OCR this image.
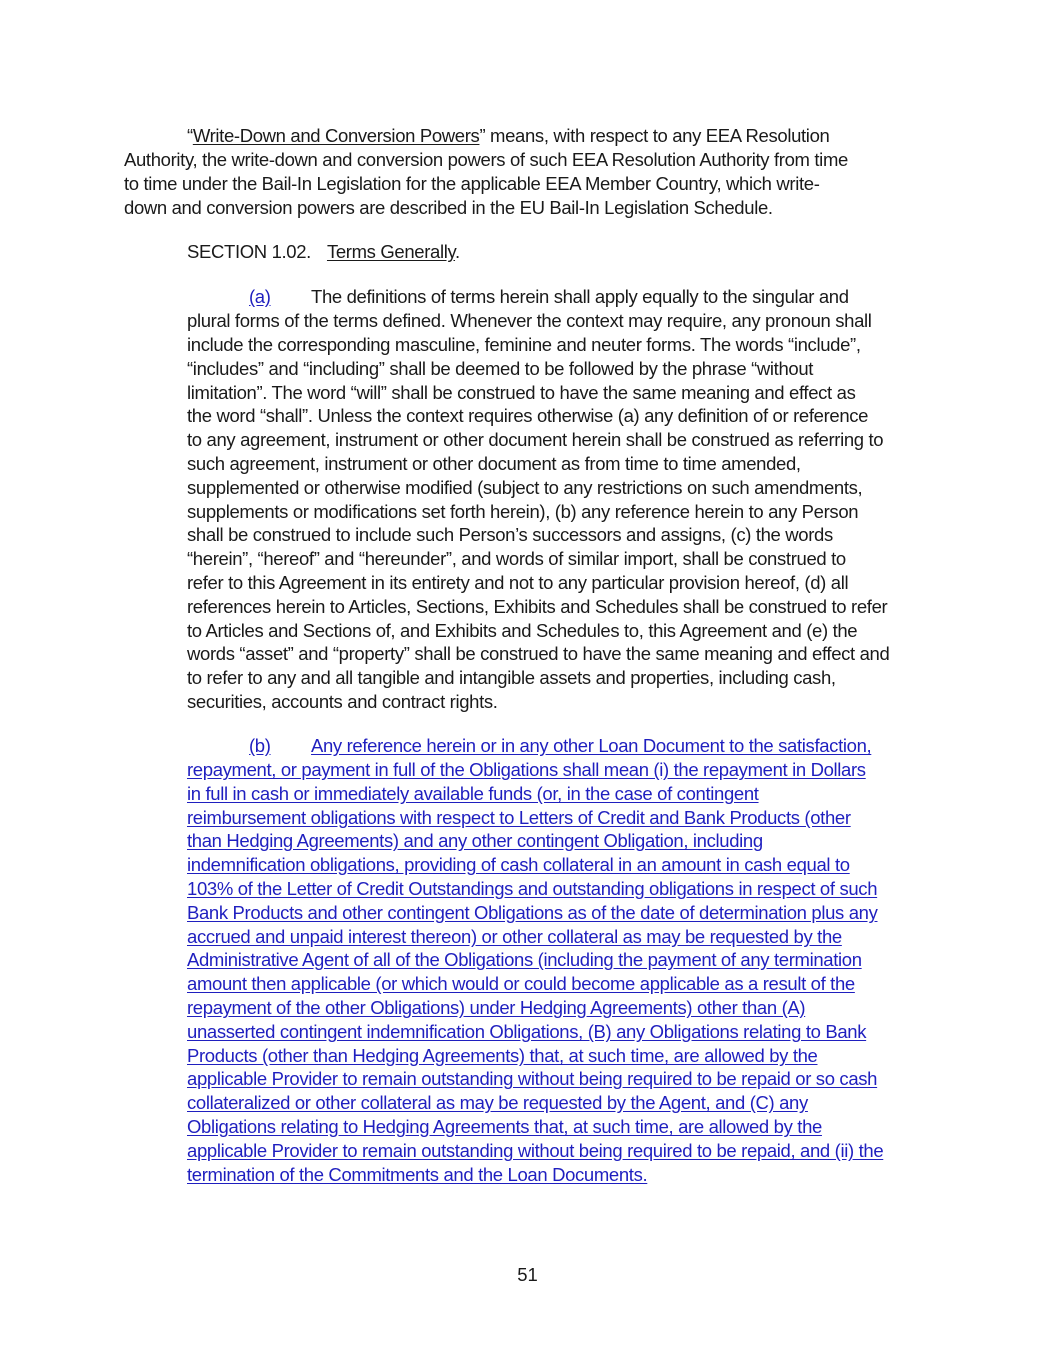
“Write-Down and Conversion Powers” means, with respect to any EEA Resolution
Authority, the write-down and conversion powers of such EEA Resolution Authority from time
to time under the Bail-In Legislation for the applicable EEA Member Country, which write-
down and conversion powers are described in the EU Bail-In Legislation Schedule.
SECTION 1.02. Terms Generally.
(a) The definitions of terms herein shall apply equally to the singular and
plural forms of the terms defined. Whenever the context may require, any pronoun shall
include the corresponding masculine, feminine and neuter forms. The words “include”,
“includes” and “including” shall be deemed to be followed by the phrase “without
limitation”. The word “will” shall be construed to have the same meaning and effect as
the word “shall”. Unless the context requires otherwise (a) any definition of or reference
to any agreement, instrument or other document herein shall be construed as referring to
such agreement, instrument or other document as from time to time amended,
supplemented or otherwise modified (subject to any restrictions on such amendments,
supplements or modifications set forth herein), (b) any reference herein to any Person
shall be construed to include such Person’s successors and assigns, (c) the words
“herein”, “hereof” and “hereunder”, and words of similar import, shall be construed to
refer to this Agreement in its entirety and not to any particular provision hereof, (d) all
references herein to Articles, Sections, Exhibits and Schedules shall be construed to refer
to Articles and Sections of, and Exhibits and Schedules to, this Agreement and (e) the
words “asset” and “property” shall be construed to have the same meaning and effect and
to refer to any and all tangible and intangible assets and properties, including cash,
securities, accounts and contract rights.
(b) Any reference herein or in any other Loan Document to the satisfaction,
repayment, or payment in full of the Obligations shall mean (i) the repayment in Dollars
in full in cash or immediately available funds (or, in the case of contingent
reimbursement obligations with respect to Letters of Credit and Bank Products (other
than Hedging Agreements) and any other contingent Obligation, including
indemnification obligations, providing of cash collateral in an amount in cash equal to
103% of the Letter of Credit Outstandings and outstanding obligations in respect of such
Bank Products and other contingent Obligations as of the date of determination plus any
accrued and unpaid interest thereon) or other collateral as may be requested by the
Administrative Agent of all of the Obligations (including the payment of any termination
amount then applicable (or which would or could become applicable as a result of the
repayment of the other Obligations) under Hedging Agreements) other than (A)
unasserted contingent indemnification Obligations, (B) any Obligations relating to Bank
Products (other than Hedging Agreements) that, at such time, are allowed by the
applicable Provider to remain outstanding without being required to be repaid or so cash
collateralized or other collateral as may be requested by the Agent, and (C) any
Obligations relating to Hedging Agreements that, at such time, are allowed by the
applicable Provider to remain outstanding without being required to be repaid, and (ii) the
termination of the Commitments and the Loan Documents.
51
